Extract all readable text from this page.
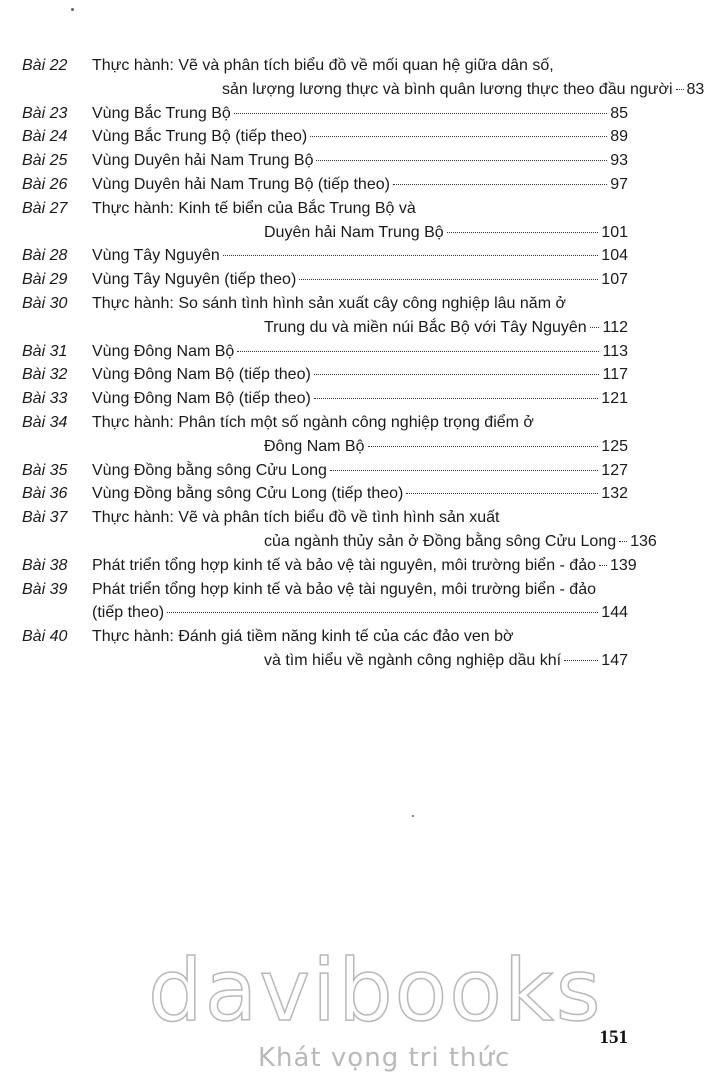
Bài 22 Thực hành: Vẽ và phân tích biểu đồ về mối quan hệ giữa dân số,
sản lượng lương thực và bình quân lương thực theo đầu người 83
Bài 23 Vùng Bắc Trung Bộ	85
Bài 24 Vùng Bắc Trung Bộ (tiếp theo)	89
Bài 25 Vùng Duyên hải Nam Trung Bộ	93
Bài 26 Vùng Duyên hải Nam Trung Bộ (tiếp theo)	97
Bài 27 Thực hành: Kinh tế biển của Bắc Trung Bộ và
Duyên hải Nam Trung Bộ	101
Bài 28 Vùng Tây Nguyên	104
Bài 29 Vùng Tây Nguyên (tiếp theo)	107
Bài 30 Thực hành: So sánh tình hình sản xuất cây công nghiệp lâu năm ở
Trung du và miền núi Bắc Bộ với Tây Nguyên 112
Bài 31 Vùng Đông Nam Bộ	113
Bài 32 Vùng Đông Nam Bộ (tiếp theo)	117
Bài 33 Vùng Đông Nam Bộ (tiếp theo)	121
Bài 34 Thực hành: Phân tích một số ngành công nghiệp trọng điểm ở
Đông Nam Bộ	125
Bài 35 Vùng Đồng bằng sông Cửu Long	127
Bài 36 Vùng Đồng bằng sông Cửu Long (tiếp theo)	132
Bài 37 Thực hành: Vẽ và phân tích biểu đồ về tình hình sản xuất
của ngành thủy sản ở Đồng bằng sông Cửu Long 136
Bài 38 Phát triển tổng hợp kinh tế và bảo vệ tài nguyên, môi trường biển - đảo 139
Bài 39 Phát triển tổng hợp kinh tế và bảo vệ tài nguyên, môi trường biển - đảo
(tiếp theo)	144
Bài 40 Thực hành: Đánh giá tiềm năng kinh tế của các đảo ven bờ
và tìm hiểu về ngành công nghiệp dầu khí	147
davibooks
Khát vọng tri thức
151
